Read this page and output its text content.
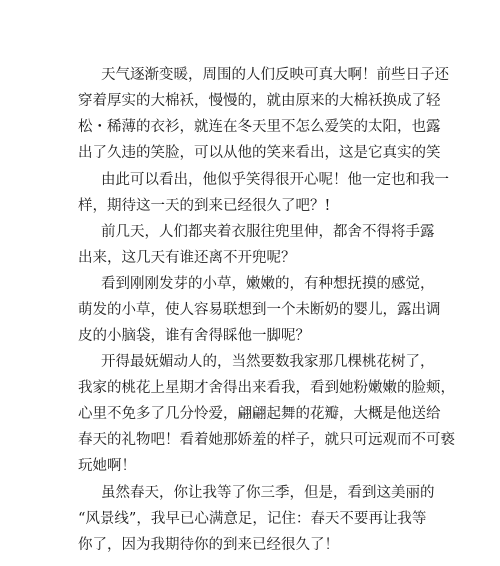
天气逐渐变暖，周围的人们反映可真大啊！前些日子还
穿着厚实的大棉袄，慢慢的，就由原来的大棉袄换成了轻
松・稀薄的衣衫，就连在冬天里不怎么爱笑的太阳，也露
出了久违的笑脸，可以从他的笑来看出，这是它真实的笑
由此可以看出，他似乎笑得很开心呢！他一定也和我一
样，期待这一天的到来已经很久了吧？!
前几天，人们都夹着衣服往兜里伸，都舍不得将手露
出来，这几天有谁还离不开兜呢？
看到刚刚发芽的小草，嫩嫩的，有种想抚摸的感觉，
萌发的小草，使人容易联想到一个未断奶的婴儿，露出调
皮的小脑袋，谁有舍得睬他一脚呢？
开得最妩媚动人的，当然要数我家那几棵桃花树了，
我家的桃花上星期才舍得出来看我，看到她粉嫩嫩的脸颊，
心里不免多了几分怜爱，翩翩起舞的花瓣，大概是他送给
春天的礼物吧！看着她那娇羞的样子，就只可远观而不可亵
玩她啊！
虽然春天，你让我等了你三季，但是，看到这美丽的
“风景线”，我早已心满意足，记住：春天不要再让我等
你了，因为我期待你的到来已经很久了！
